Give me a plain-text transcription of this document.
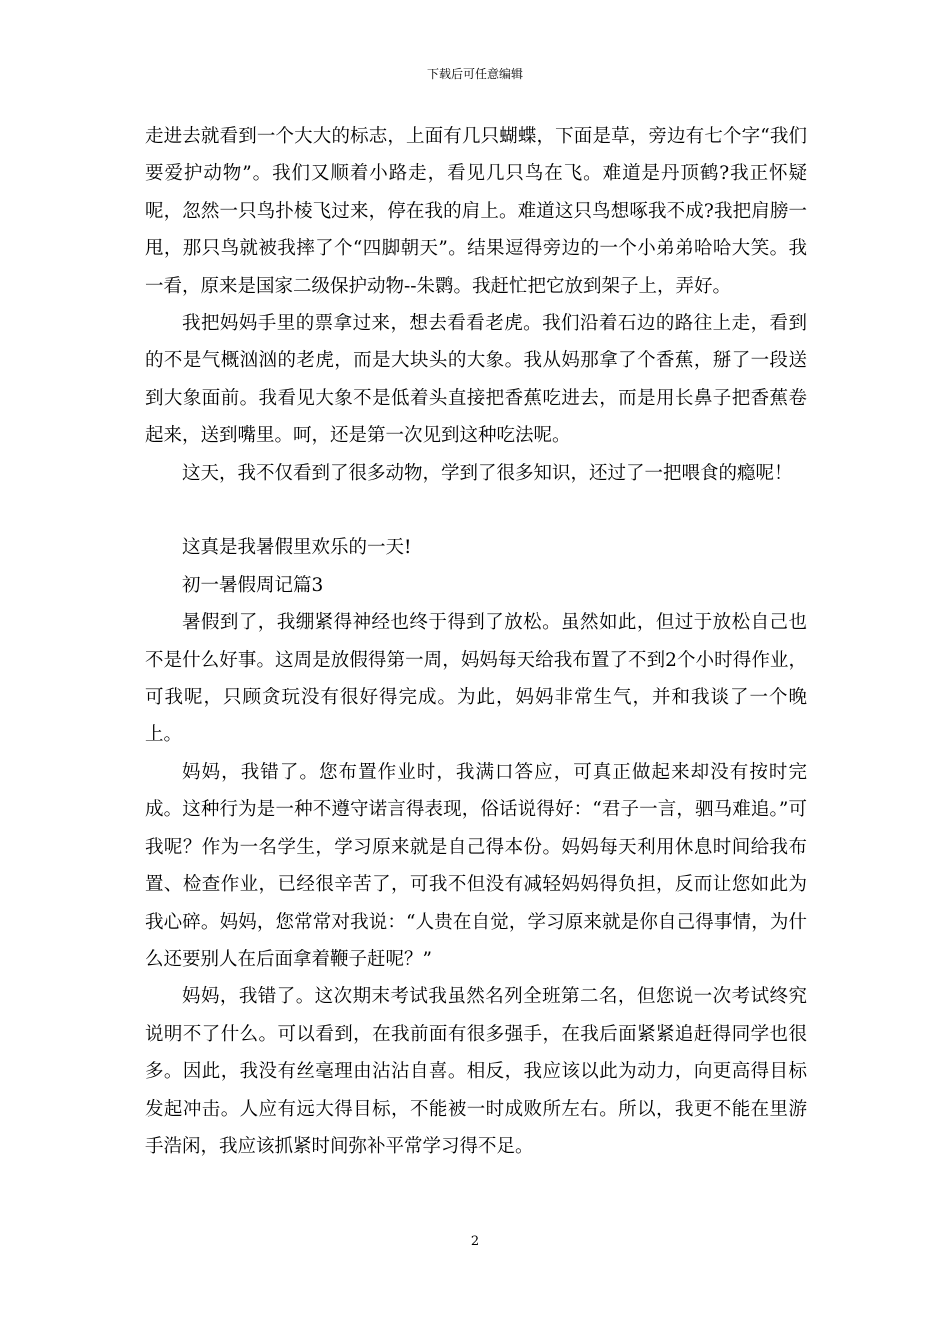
下载后可任意编辑

走进去就看到一个大大的标志，上面有几只蝴蝶，下面是草，旁边有七个字“我们要爱护动物”。我们又顺着小路走，看见几只鸟在飞。难道是丹顶鹤?我正怀疑呢，忽然一只鸟扑棱飞过来，停在我的肩上。难道这只鸟想啄我不成?我把肩膀一甩，那只鸟就被我摔了个“四脚朝天”。结果逗得旁边的一个小弟弟哈哈大笑。我一看，原来是国家二级保护动物--朱鹮。我赶忙把它放到架子上，弄好。

我把妈妈手里的票拿过来，想去看看老虎。我们沿着石边的路往上走，看到的不是气概汹汹的老虎，而是大块头的大象。我从妈那拿了个香蕉，掰了一段送到大象面前。我看见大象不是低着头直接把香蕉吃进去，而是用长鼻子把香蕉卷起来，送到嘴里。呵，还是第一次见到这种吃法呢。

这天，我不仅看到了很多动物，学到了很多知识，还过了一把喂食的瘾呢！

这真是我暑假里欢乐的一天!

初一暑假周记篇3

暑假到了，我绷紧得神经也终于得到了放松。虽然如此，但过于放松自己也不是什么好事。这周是放假得第一周，妈妈每天给我布置了不到2个小时得作业，可我呢，只顾贪玩没有很好得完成。为此，妈妈非常生气，并和我谈了一个晚上。

妈妈，我错了。您布置作业时，我满口答应，可真正做起来却没有按时完成。这种行为是一种不遵守诺言得表现，俗话说得好：“君子一言，驷马难追。”可我呢？作为一名学生，学习原来就是自己得本份。妈妈每天利用休息时间给我布置、检查作业，已经很辛苦了，可我不但没有减轻妈妈得负担，反而让您如此为我心碎。妈妈，您常常对我说：“人贵在自觉，学习原来就是你自己得事情，为什么还要别人在后面拿着鞭子赶呢？”

妈妈，我错了。这次期末考试我虽然名列全班第二名，但您说一次考试终究说明不了什么。可以看到，在我前面有很多强手，在我后面紧紧追赶得同学也很多。因此，我没有丝毫理由沾沾自喜。相反，我应该以此为动力，向更高得目标发起冲击。人应有远大得目标，不能被一时成败所左右。所以，我更不能在里游手浩闲，我应该抓紧时间弥补平常学习得不足。

2
